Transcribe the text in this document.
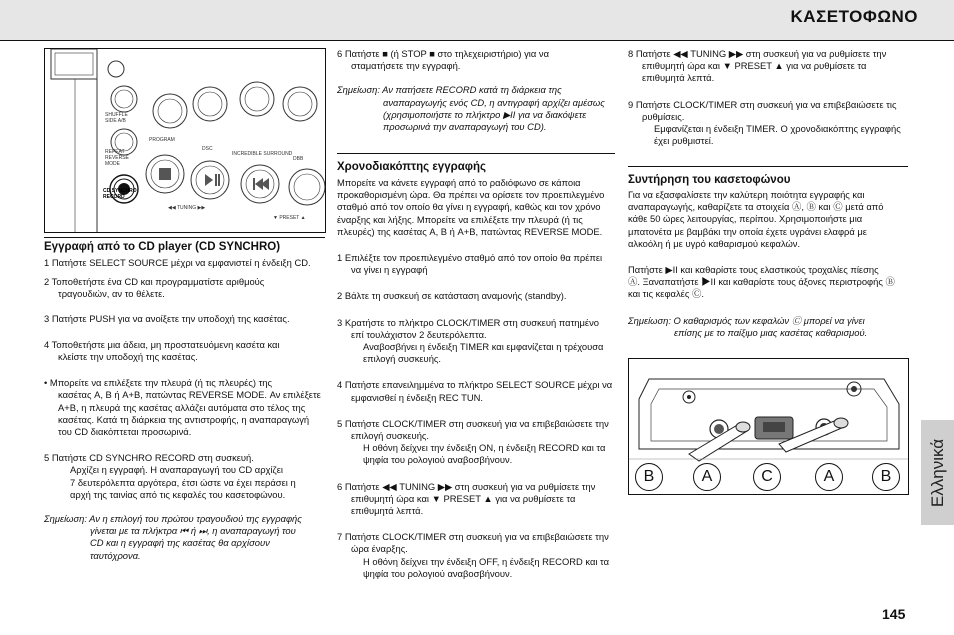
ΚΑΣΕΤΟΦΩΝΟ
SHUFFLE SIDE A/B
PROGRAM
DSC
INCREDIBLE SURROUND
DBB
REPEAT REVERSE MODE
CD SYNCHRO RECORD
◀◀ TUNING ▶▶
▼ PRESET ▲
Εγγραφή από το CD player (CD SYNCHRO)
1 Πατήστε SELECT SOURCE μέχρι να εμφανιστεί η ένδειξη CD.
2 Τοποθετήστε ένα CD και προγραμματίστε αριθμούς
τραγουδιών, αν το θέλετε.
3 Πατήστε PUSH για να ανοίξετε την υποδοχή της κασέτας.
4 Τοποθετήστε μια άδεια, μη προστατευόμενη κασέτα και
κλείστε την υποδοχή της κασέτας.
• Μπορείτε να επιλέξετε την πλευρά (ή τις πλευρές) της
κασέτας A, B ή A+B, πατώντας REVERSE MODE. Αν επιλέξετε
A+B, η πλευρά της κασέτας αλλάζει αυτόματα στο τέλος της
κασέτας. Κατά τη διάρκεια της αντιστροφής, η αναπαραγωγή
του CD διακόπτεται προσωρινά.
5 Πατήστε CD SYNCHRO RECORD στη συσκευή.
Αρχίζει η εγγραφή. Η αναπαραγωγή του CD αρχίζει
7 δευτερόλεπτα αργότερα, έτσι ώστε να έχει περάσει η
αρχή της ταινίας από τις κεφαλές του κασετοφώνου.
Σημείωση: Αν η επιλογή του πρώτου τραγουδιού της εγγραφής
γίνεται με τα πλήκτρα ⏮ ή ⏭, η αναπαραγωγή του
CD και η εγγραφή της κασέτας θα αρχίσουν
ταυτόχρονα.
6 Πατήστε ■ (ή STOP ■ στο τηλεχειριστήριο) για να
σταματήσετε την εγγραφή.
Σημείωση: Αν πατήσετε RECORD κατά τη διάρκεια της
αναπαραγωγής ενός CD, η αντιγραφή αρχίζει αμέσως
(χρησιμοποιήστε το πλήκτρο ▶II για να διακόψετε
προσωρινά την αναπαραγωγή του CD).
Χρονοδιακόπτης εγγραφής
Μπορείτε να κάνετε εγγραφή από το ραδιόφωνο σε κάποια
προκαθορισμένη ώρα. Θα πρέπει να ορίσετε τον προεπιλεγμένο
σταθμό από τον οποίο θα γίνει η εγγραφή, καθώς και τον χρόνο
έναρξης και λήξης. Μπορείτε να επιλέξετε την πλευρά (ή τις
πλευρές) της κασέτας A, B ή A+B, πατώντας REVERSE MODE.
1 Επιλέξτε τον προεπιλεγμένο σταθμό από τον οποίο θα πρέπει
να γίνει η εγγραφή
2 Βάλτε τη συσκευή σε κατάσταση αναμονής (standby).
3 Κρατήστε το πλήκτρο CLOCK/TIMER στη συσκευή πατημένο
επί τουλάχιστον 2 δευτερόλεπτα.
Αναβοσβήνει η ένδειξη TIMER και εμφανίζεται η τρέχουσα
επιλογή συσκευής.
4 Πατήστε επανειλημμένα το πλήκτρο SELECT SOURCE μέχρι να
εμφανισθεί η ένδειξη REC TUN.
5 Πατήστε CLOCK/TIMER στη συσκευή για να επιβεβαιώσετε την
επιλογή συσκευής.
Η οθόνη δείχνει την ένδειξη ON, η ένδειξη RECORD και τα
ψηφία του ρολογιού αναβοσβήνουν.
6 Πατήστε ◀◀ TUNING ▶▶ στη συσκευή για να ρυθμίσετε την
επιθυμητή ώρα και ▼ PRESET ▲ για να ρυθμίσετε τα
επιθυμητά λεπτά.
7 Πατήστε CLOCK/TIMER στη συσκευή για να επιβεβαιώσετε την
ώρα έναρξης.
Η οθόνη δείχνει την ένδειξη OFF, η ένδειξη RECORD και τα
ψηφία του ρολογιού αναβοσβήνουν.
8 Πατήστε ◀◀ TUNING ▶▶ στη συσκευή για να ρυθμίσετε την
επιθυμητή ώρα και ▼ PRESET ▲ για να ρυθμίσετε τα
επιθυμητά λεπτά.
9 Πατήστε CLOCK/TIMER στη συσκευή για να επιβεβαιώσετε τις
ρυθμίσεις.
Εμφανίζεται η ένδειξη TIMER. Ο χρονοδιακόπτης εγγραφής
έχει ρυθμιστεί.
Συντήρηση του κασετοφώνου
Για να εξασφαλίσετε την καλύτερη ποιότητα εγγραφής και
αναπαραγωγής, καθαρίζετε τα στοιχεία Ⓐ, Ⓑ και Ⓒ μετά από
κάθε 50 ώρες λειτουργίας, περίπου. Χρησιμοποιήστε μια
μπατονέτα με βαμβάκι την οποία έχετε υγράνει ελαφρά με
αλκοόλη ή με υγρό καθαρισμού κεφαλών.
Πατήστε ▶II και καθαρίστε τους ελαστικούς τροχαλίες πίεσης
Ⓐ. Ξαναπατήστε ▶II και καθαρίστε τους άξονες περιστροφής Ⓑ
και τις κεφαλές Ⓒ.
Σημείωση: Ο καθαρισμός των κεφαλών Ⓒ μπορεί να γίνει
επίσης με το παίξιμο μιας κασέτας καθαρισμού.
B	A	C	A	B	Ελληνικά
145
